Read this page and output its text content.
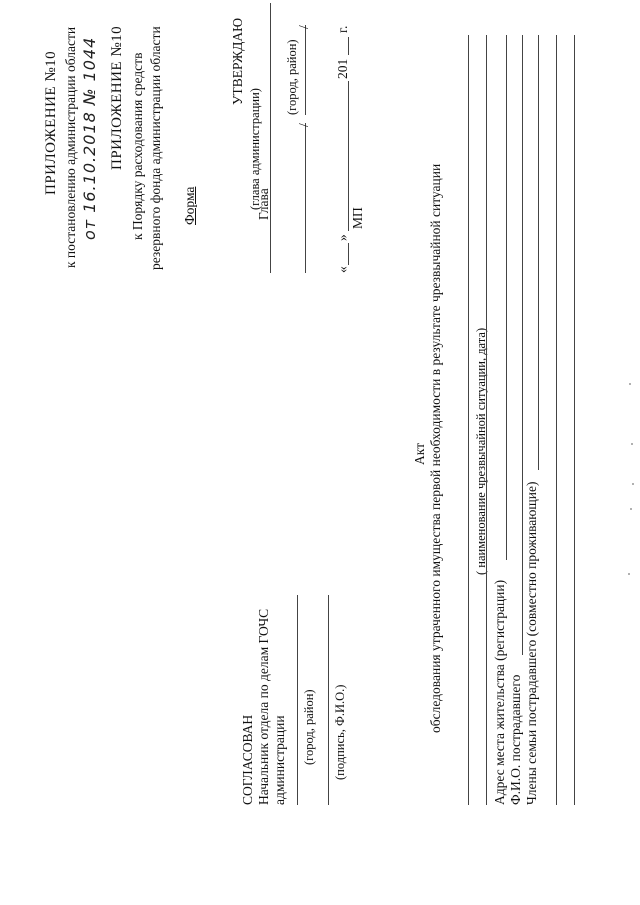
ПРИЛОЖЕНИЕ №10 к постановлению администрации области от 16.10.2018 № 1044 ПРИЛОЖЕНИЕ №10 к Порядку расходования средств резервного фонда администрации области Форма
УТВЕРЖДАЮ
(глава администрации)
Глава
(город, район)
/
/
«
»
201
г.
МП
СОГЛАСОВАН Начальник отдела по делам ГОЧС администрации (город, район) (подпись, Ф.И.О.)
Акт обследования утраченного имущества первой необходимости в результате чрезвычайной ситуации ( наименование чрезвычайной ситуации, дата)
Адрес места жительства (регистрации) Ф.И.О. пострадавшего Члены семьи пострадавшего (совместно проживающие)
